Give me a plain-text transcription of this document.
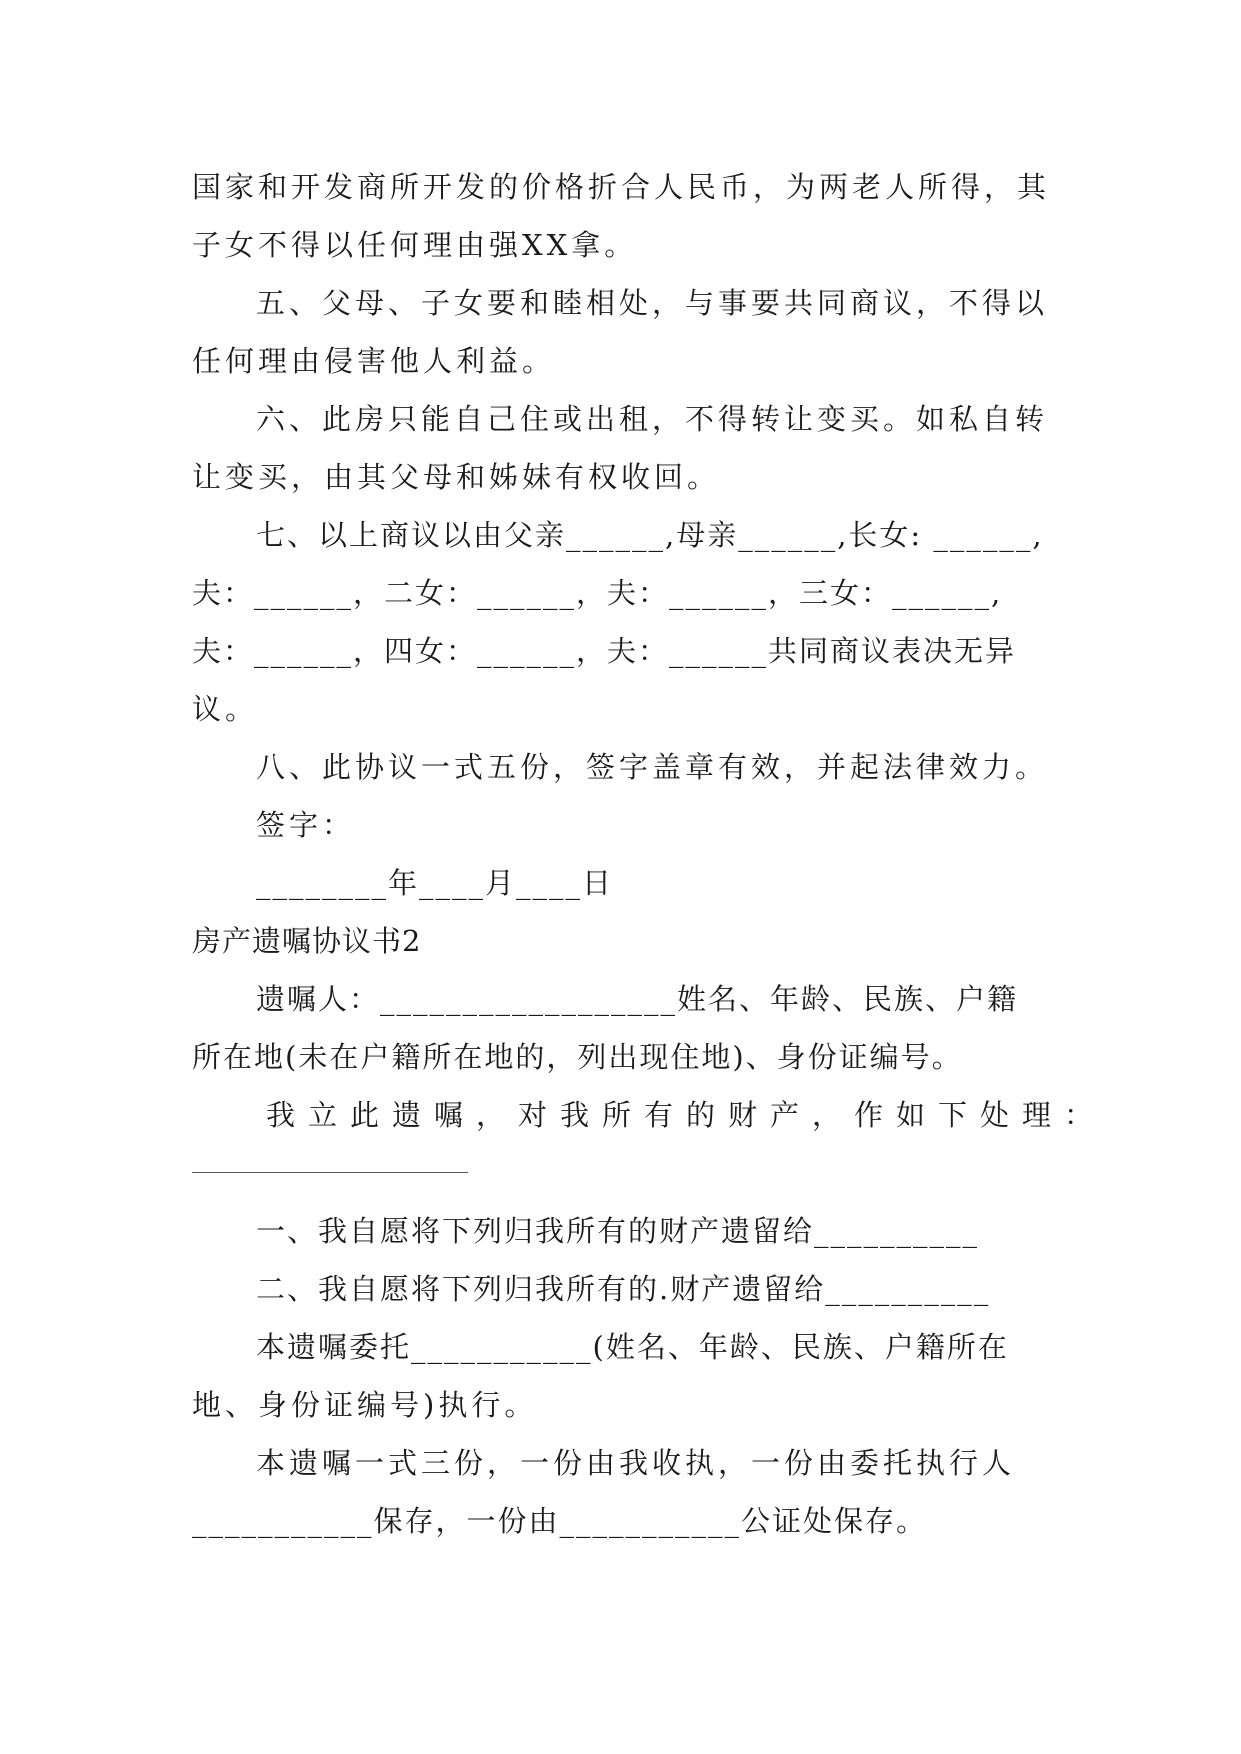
国家和开发商所开发的价格折合人民币，为两老人所得，其
子女不得以任何理由强XX拿。
五、父母、子女要和睦相处，与事要共同商议，不得以
任何理由侵害他人利益。
六、此房只能自己住或出租，不得转让变买。如私自转
让变买，由其父母和姊妹有权收回。
七、以上商议以由父亲______,母亲______,长女: ______,
夫：______，二女：______，夫：______，三女：______,
夫：______，四女：______，夫：______共同商议表决无异
议。
八、此协议一式五份，签字盖章有效，并起法律效力。
签字：
________年____月____日
房产遗嘱协议书2
遗嘱人：__________________姓名、年龄、民族、户籍
所在地(未在户籍所在地的，列出现住地)、身份证编号。
我立此遗嘱，对我所有的财产，作如下处理：
一、我自愿将下列归我所有的财产遗留给__________
二、我自愿将下列归我所有的.财产遗留给__________
本遗嘱委托___________(姓名、年龄、民族、户籍所在
地、身份证编号)执行。
本遗嘱一式三份，一份由我收执，一份由委托执行人
___________保存，一份由___________公证处保存。
